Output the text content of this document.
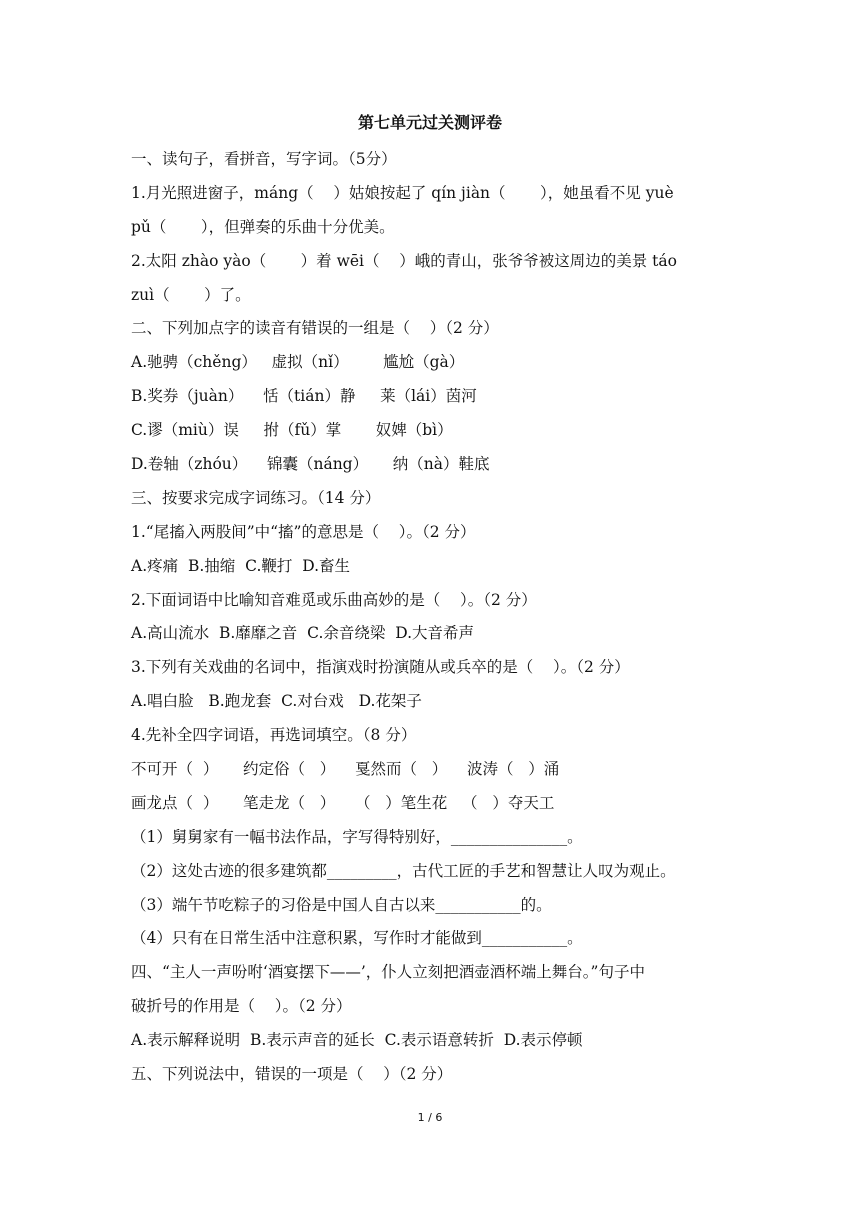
第七单元过关测评卷
一、读句子，看拼音，写字词。（5分）
1.月光照进窗子，máng（    ）姑娘按起了 qín jiàn（       ），她虽看不见 yuè
pǔ（       ），但弹奏的乐曲十分优美。
2.太阳 zhào yào（       ）着 wēi（    ）峨的青山，张爷爷被这周边的美景 táo
zuì（       ）了。
二、下列加点字的读音有错误的一组是（    ）（2 分）
A.驰骋（chěng）   虚拟（nǐ）       尴尬（gà）
B.奖券（juàn）    恬（tián）静     莱（lái）茵河
C.谬（miù）误     拊（fǔ）掌       奴婢（bì）
D.卷轴（zhóu）    锦囊（náng）     纳（nà）鞋底
三、按要求完成字词练习。（14 分）
1.“尾搐入两股间”中“搐”的意思是（    ）。（2 分）
A.疼痛  B.抽缩  C.鞭打  D.畜生
2.下面词语中比喻知音难觅或乐曲高妙的是（    ）。（2 分）
A.高山流水  B.靡靡之音  C.余音绕梁  D.大音希声
3.下列有关戏曲的名词中，指演戏时扮演随从或兵卒的是（    ）。（2 分）
A.唱白脸   B.跑龙套  C.对台戏   D.花架子
4.先补全四字词语，再选词填空。（8 分）
不可开（  ）     约定俗（   ）    戛然而（   ）    波涛（   ）涌
画龙点（  ）     笔走龙（   ）    （   ）笔生花   （   ）夺天工
（1）舅舅家有一幅书法作品，字写得特别好，_______________。
（2）这处古迹的很多建筑都_________，古代工匠的手艺和智慧让人叹为观止。
（3）端午节吃粽子的习俗是中国人自古以来___________的。
（4）只有在日常生活中注意积累，写作时才能做到___________。
四、“主人一声吩咐‘酒宴摆下——’，仆人立刻把酒壶酒杯端上舞台。”句子中
破折号的作用是（    ）。（2 分）
A.表示解释说明  B.表示声音的延长  C.表示语意转折  D.表示停顿
五、下列说法中，错误的一项是（    ）（2 分）
1 / 6
